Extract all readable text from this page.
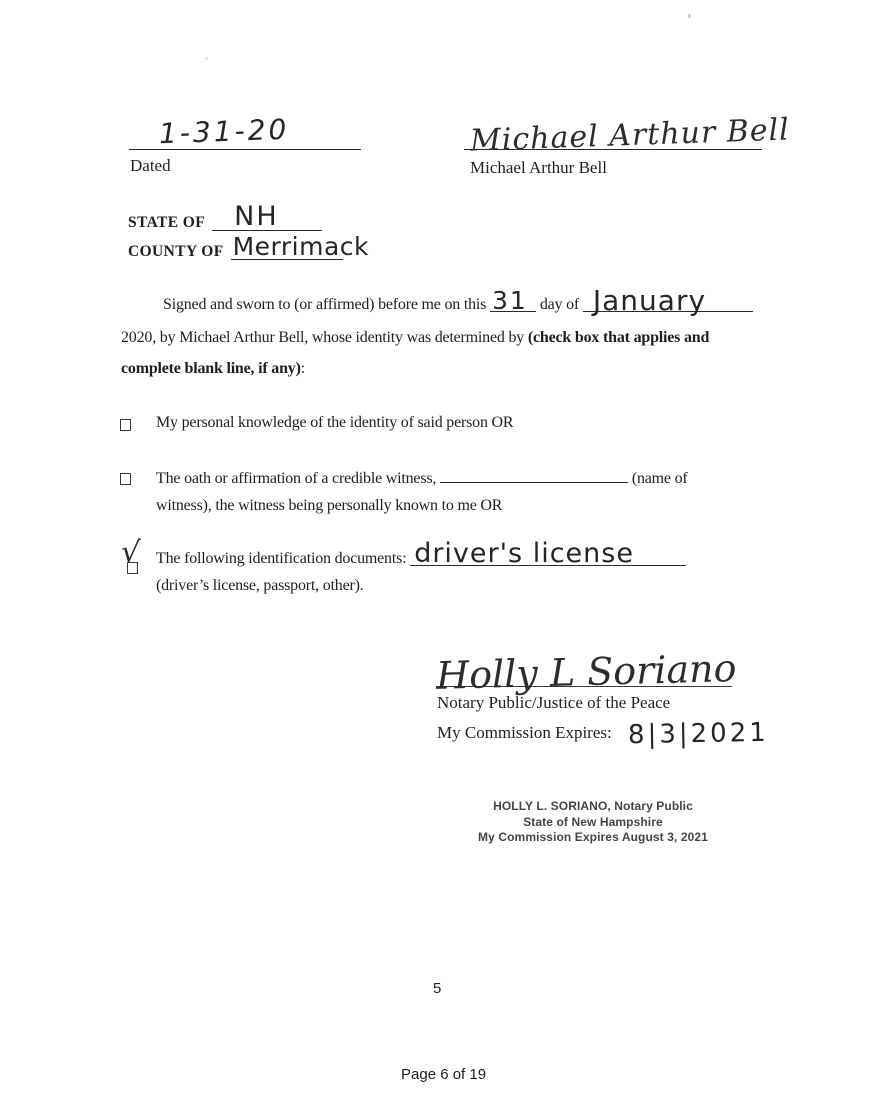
1-31-20
Dated
Michael Arthur Bell
Michael Arthur Bell
STATE OF NH
COUNTY OF Merrimack
Signed and sworn to (or affirmed) before me on this 31 day of January
2020, by Michael Arthur Bell, whose identity was determined by (check box that applies and
complete blank line, if any):
My personal knowledge of the identity of said person OR
The oath or affirmation of a credible witness,	(name of
witness), the witness being personally known to me OR
√ The following identification documents: driver's license
(driver’s license, passport, other).
Holly L Soriano
Notary Public/Justice of the Peace
My Commission Expires: 8|3|2021
HOLLY L. SORIANO, Notary Public
State of New Hampshire
My Commission Expires August 3, 2021
5
Page 6 of 19
